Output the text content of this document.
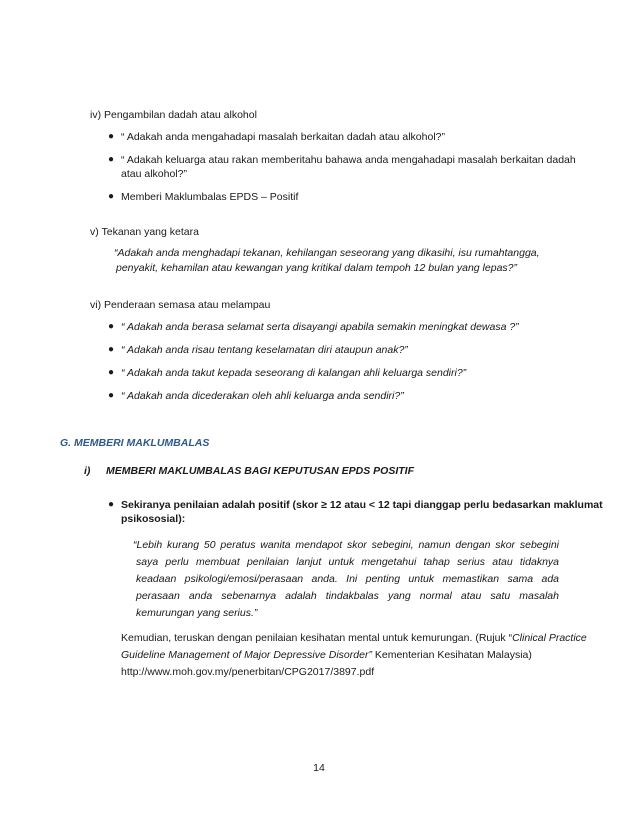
iv) Pengambilan dadah atau alkohol
● “ Adakah anda mengahadapi masalah berkaitan dadah atau alkohol?”
● “ Adakah keluarga atau rakan memberitahu bahawa anda mengahadapi masalah berkaitan dadah
atau alkohol?”
● Memberi Maklumbalas EPDS – Positif
v) Tekanan yang ketara
“Adakah anda menghadapi tekanan, kehilangan seseorang yang dikasihi, isu rumahtangga,
penyakit, kehamilan atau kewangan yang kritikal dalam tempoh 12 bulan yang lepas?”
vi) Penderaan semasa atau melampau
● “ Adakah anda berasa selamat serta disayangi apabila semakin meningkat dewasa ?”
● “ Adakah anda risau tentang keselamatan diri ataupun anak?”
● “ Adakah anda takut kepada seseorang di kalangan ahli keluarga sendiri?”
● “ Adakah anda dicederakan oleh ahli keluarga anda sendiri?”
G. MEMBERI MAKLUMBALAS
i) MEMBERI MAKLUMBALAS BAGI KEPUTUSAN EPDS POSITIF
● Sekiranya penilaian adalah positif (skor ≥ 12 atau < 12 tapi dianggap perlu bedasarkan maklumat
psikososial):
“Lebih kurang 50 peratus wanita mendapot skor sebegini, namun dengan skor sebegini
saya perlu membuat penilaian lanjut untuk mengetahui tahap serius atau tidaknya
keadaan psikologi/emosi/perasaan anda. Ini penting untuk memastikan sama ada
perasaan anda sebenarnya adalah tindakbalas yang normal atau satu masalah
kemurungan yang serius.”
Kemudian, teruskan dengan penilaian kesihatan mental untuk kemurungan. (Rujuk “Clinical Practice
Guideline Management of Major Depressive Disorder” Kementerian Kesihatan Malaysia)
http://www.moh.gov.my/penerbitan/CPG2017/3897.pdf
14
